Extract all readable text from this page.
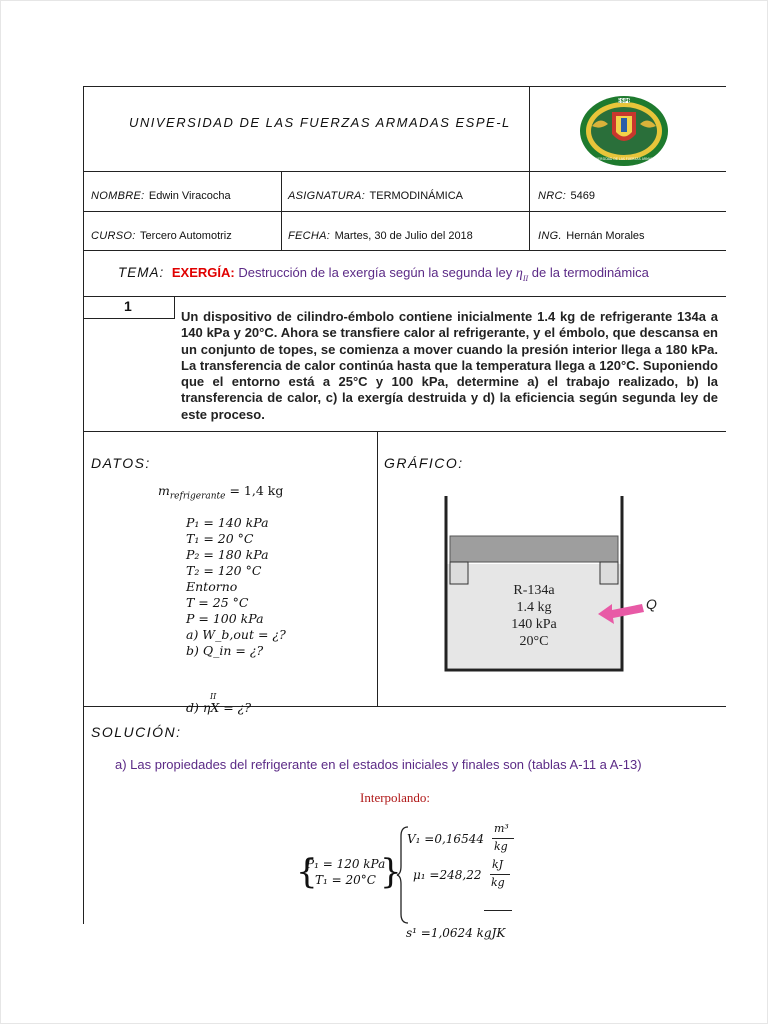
UNIVERSIDAD DE LAS FUERZAS ARMADAS ESPE-L
ESPE
UNIVERSIDAD DE LAS FUERZAS ARMADAS
NOMBRE: Edwin Viracocha	ASIGNATURA: TERMODINÁMICA	NRC: 5469
CURSO: Tercero Automotriz	FECHA: Martes, 30 de Julio del 2018	ING. Hernán Morales
TEMA: EXERGÍA: Destrucción de la exergía según la segunda ley $\eta_{II}$ de la termodinámica
1
Un dispositivo de cilindro-émbolo contiene inicialmente 1.4 kg de refrigerante 134a a 140 kPa y 20°C. Ahora se transfiere calor al refrigerante, y el émbolo, que descansa en un conjunto de topes, se comienza a mover cuando la presión interior llega a 180 kPa. La transferencia de calor continúa hasta que la temperatura llega a 120°C. Suponiendo que el entorno está a 25°C y 100 kPa, determine a) el trabajo realizado, b) la transferencia de calor, c) la exergía destruida y d) la eficiencia según segunda ley de este proceso.
DATOS:
$m_{refrigerante} = 1,4$ kg
P₁ = 140 kPa
T₁ = 20 °C
P₂ = 180 kPa
T₂ = 120 °C
Entorno
T = 25 °C
P = 100 kPa
a) W_b,out = ¿?
b) Q_in = ¿?
d) ηX = ¿?
II
GRÁFICO:
R-134a
1.4 kg
140 kPa
20°C
Q
SOLUCIÓN:
a) Las propiedades del refrigerante en el estados iniciales y finales son (tablas A-11 a A-13)
Interpolando:
{
P₁ = 120 kPa
T₁ = 20°C }
V₁ =0,16544
m³
kg
μ₁ =248,22
kJ
kg
s¹ =1,0624 kgJK
